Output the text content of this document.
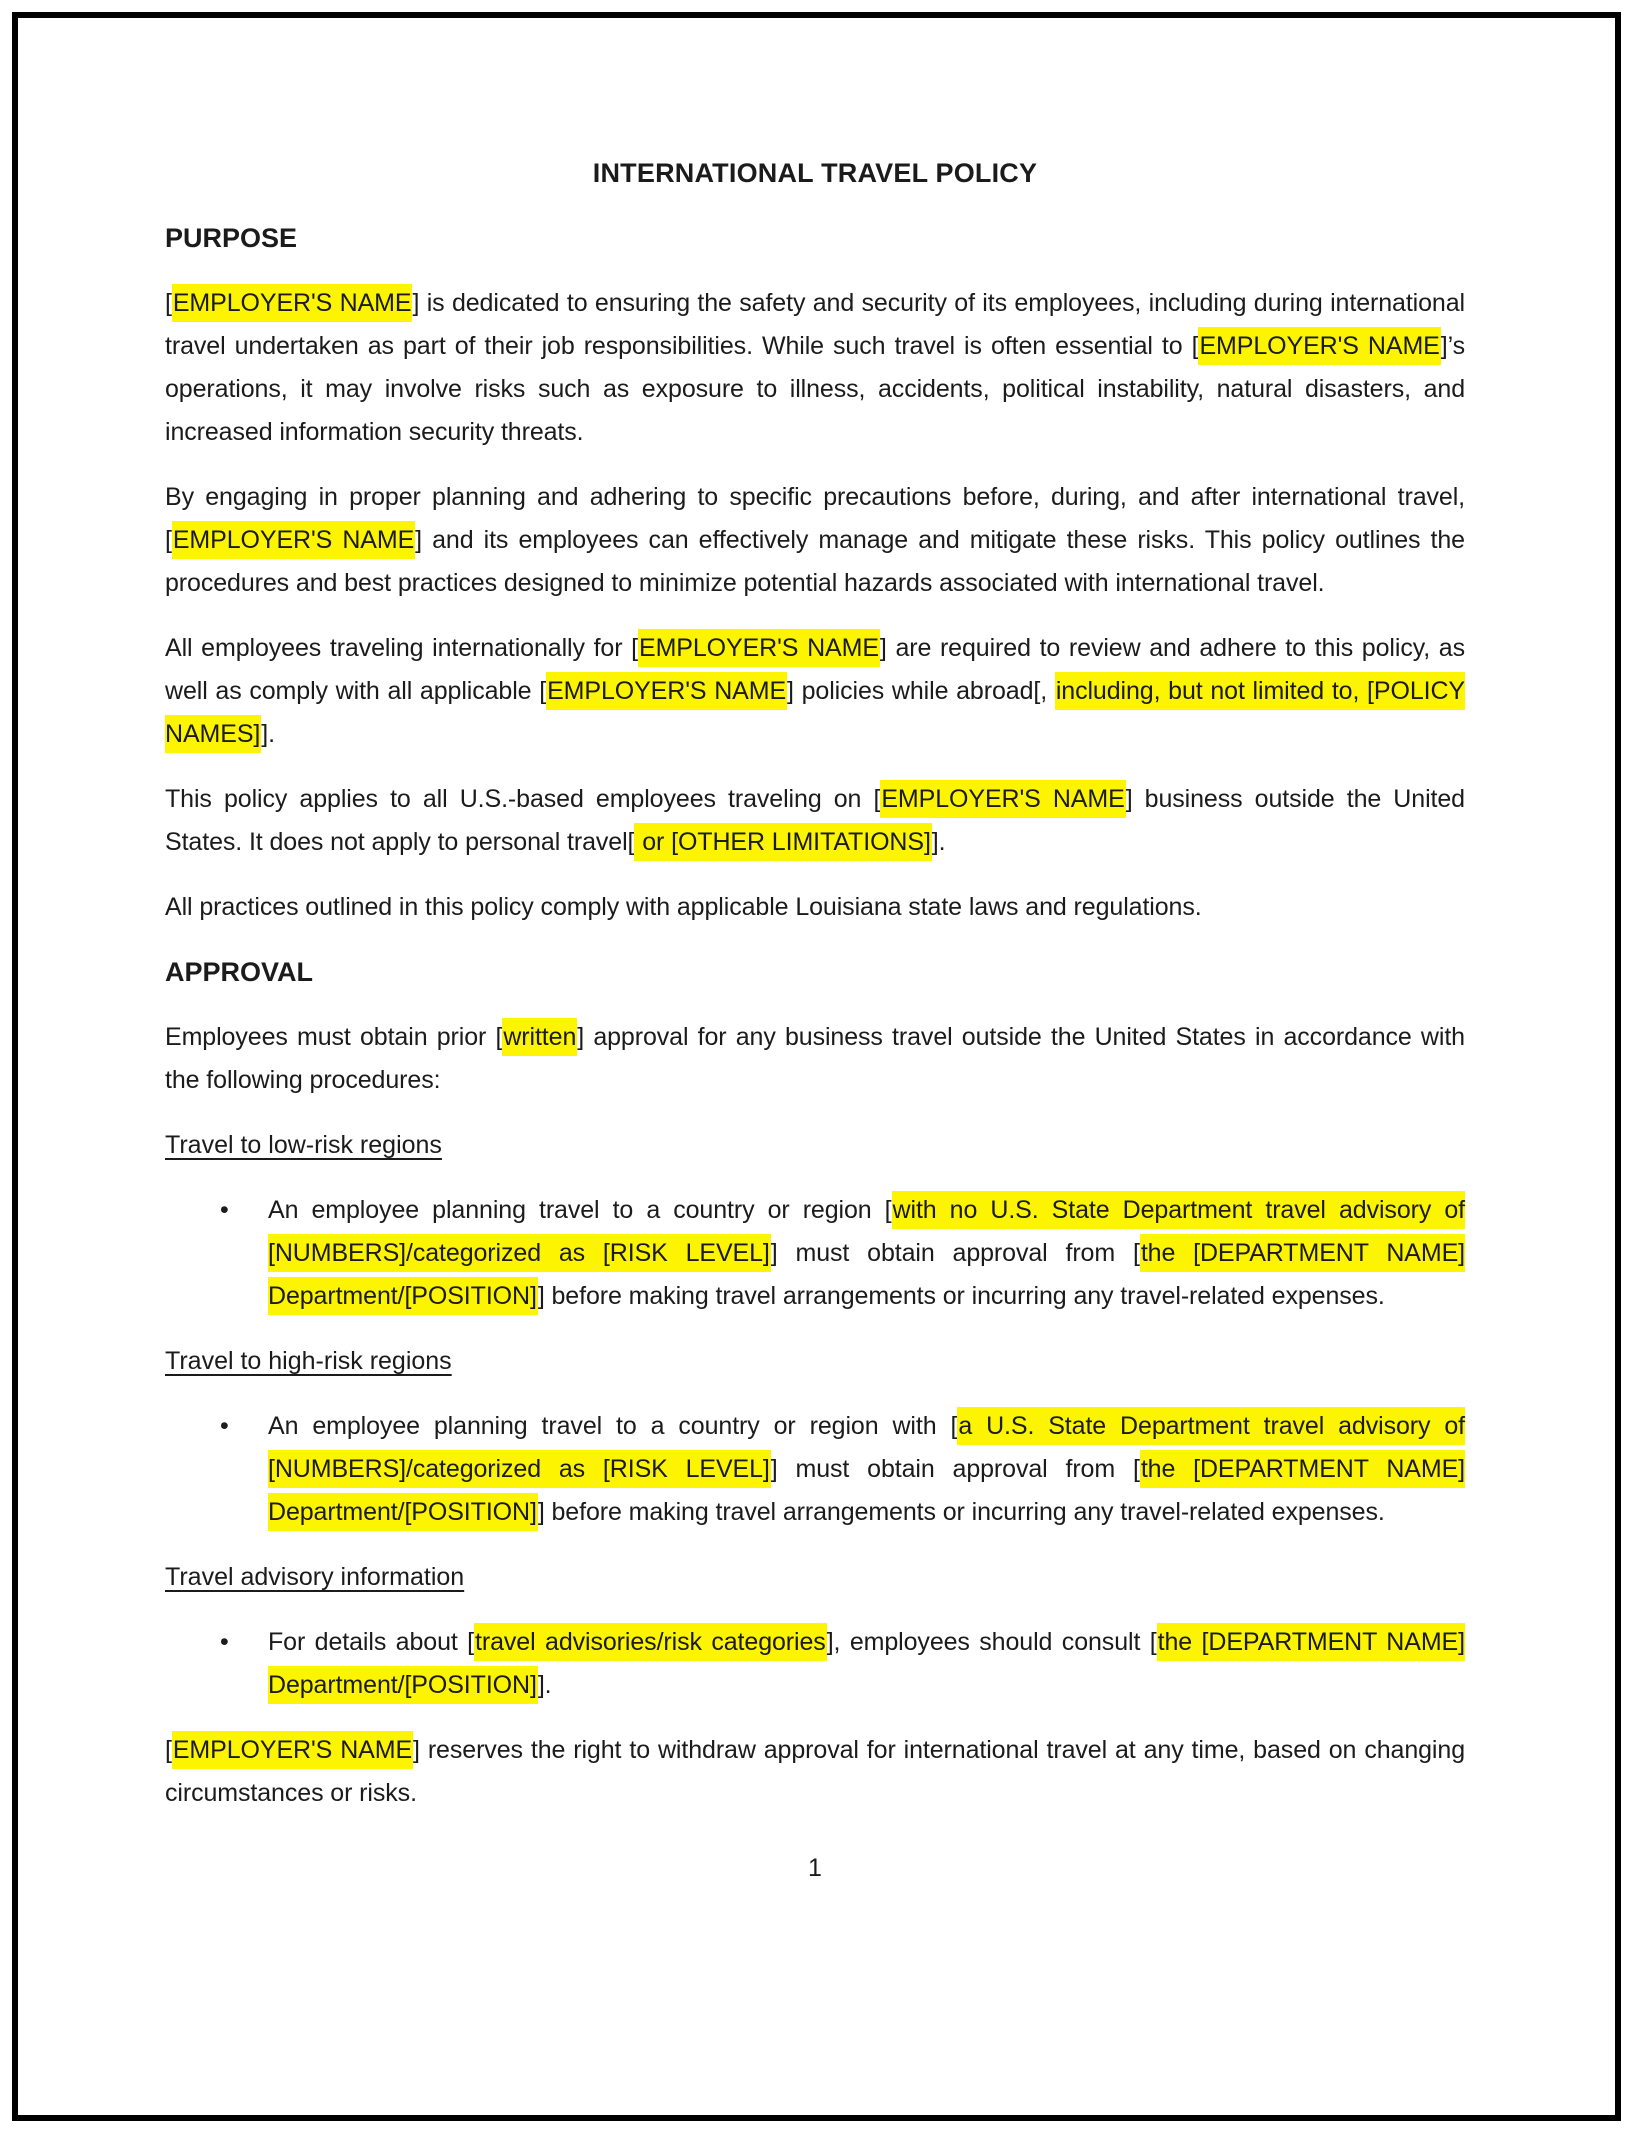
INTERNATIONAL TRAVEL POLICY
PURPOSE

[EMPLOYER'S NAME] is dedicated to ensuring the safety and security of its employees, including during international travel undertaken as part of their job responsibilities. While such travel is often essential to [EMPLOYER'S NAME]’s operations, it may involve risks such as exposure to illness, accidents, political instability, natural disasters, and increased information security threats.

By engaging in proper planning and adhering to specific precautions before, during, and after international travel, [EMPLOYER'S NAME] and its employees can effectively manage and mitigate these risks. This policy outlines the procedures and best practices designed to minimize potential hazards associated with international travel.

All employees traveling internationally for [EMPLOYER'S NAME] are required to review and adhere to this policy, as well as comply with all applicable [EMPLOYER'S NAME] policies while abroad[, including, but not limited to, [POLICY NAMES]].

This policy applies to all U.S.-based employees traveling on [EMPLOYER'S NAME] business outside the United States. It does not apply to personal travel[ or [OTHER LIMITATIONS]].

All practices outlined in this policy comply with applicable Louisiana state laws and regulations.

APPROVAL

Employees must obtain prior [written] approval for any business travel outside the United States in accordance with the following procedures:

Travel to low-risk regions
• An employee planning travel to a country or region [with no U.S. State Department travel advisory of [NUMBERS]/categorized as [RISK LEVEL]] must obtain approval from [the [DEPARTMENT NAME] Department/[POSITION]] before making travel arrangements or incurring any travel-related expenses.

Travel to high-risk regions
• An employee planning travel to a country or region with [a U.S. State Department travel advisory of [NUMBERS]/categorized as [RISK LEVEL]] must obtain approval from [the [DEPARTMENT NAME] Department/[POSITION]] before making travel arrangements or incurring any travel-related expenses.

Travel advisory information
• For details about [travel advisories/risk categories], employees should consult [the [DEPARTMENT NAME] Department/[POSITION]].

[EMPLOYER'S NAME] reserves the right to withdraw approval for international travel at any time, based on changing circumstances or risks.

1
